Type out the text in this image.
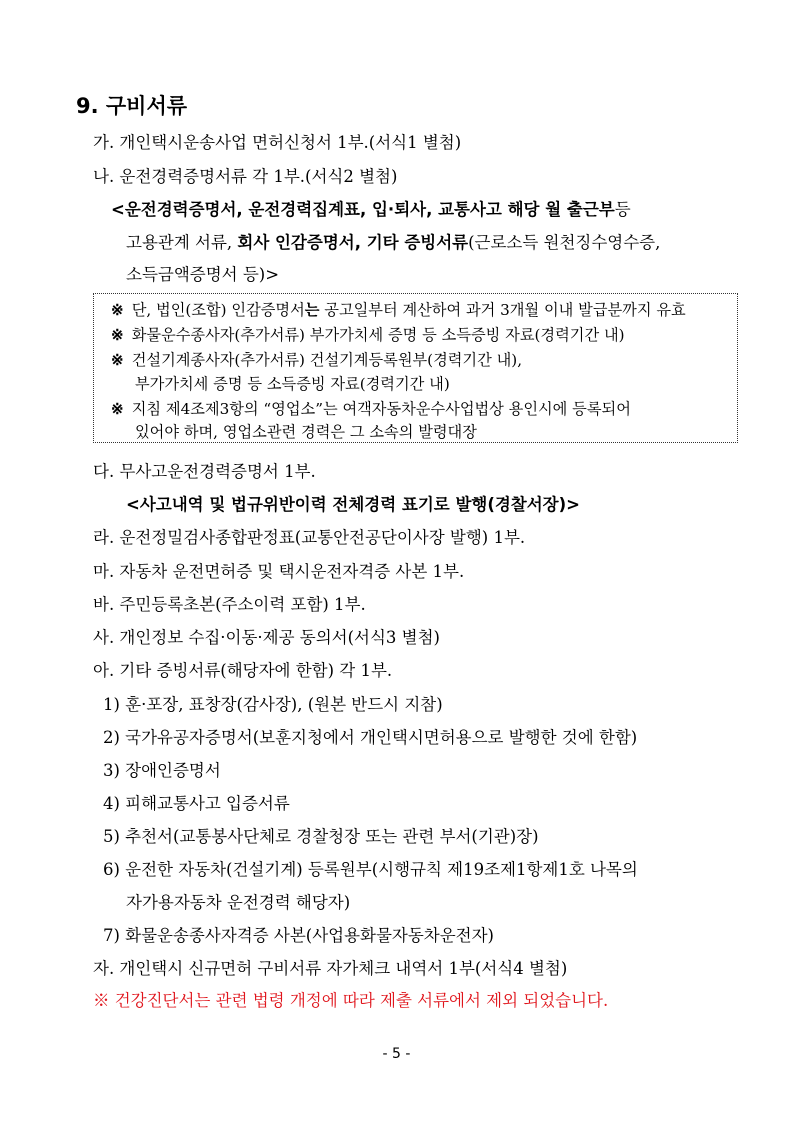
9. 구비서류
가. 개인택시운송사업 면허신청서 1부.(서식1 별첨)
나. 운전경력증명서류 각 1부.(서식2 별첨)
<운전경력증명서, 운전경력집계표, 입·퇴사, 교통사고 해당 월 출근부등
고용관계 서류, 회사 인감증명서, 기타 증빙서류(근로소득 원천징수영수증,
소득금액증명서 등)>
※ 단, 법인(조합) 인감증명서는 공고일부터 계산하여 과거 3개월 이내 발급분까지 유효
※ 화물운수종사자(추가서류) 부가가치세 증명 등 소득증빙 자료(경력기간 내)
※ 건설기계종사자(추가서류) 건설기계등록원부(경력기간 내),
부가가치세 증명 등 소득증빙 자료(경력기간 내)
※ 지침 제4조제3항의 “영업소”는 여객자동차운수사업법상 용인시에 등록되어
있어야 하며, 영업소관련 경력은 그 소속의 발령대장
다. 무사고운전경력증명서 1부.
<사고내역 및 법규위반이력 전체경력 표기로 발행(경찰서장)>
라. 운전정밀검사종합판정표(교통안전공단이사장 발행) 1부.
마. 자동차 운전면허증 및 택시운전자격증 사본 1부.
바. 주민등록초본(주소이력 포함) 1부.
사. 개인정보 수집·이동·제공 동의서(서식3 별첨)
아. 기타 증빙서류(해당자에 한함) 각 1부.
1) 훈·포장, 표창장(감사장), (원본 반드시 지참)
2) 국가유공자증명서(보훈지청에서 개인택시면허용으로 발행한 것에 한함)
3) 장애인증명서
4) 피해교통사고 입증서류
5) 추천서(교통봉사단체로 경찰청장 또는 관련 부서(기관)장)
6) 운전한 자동차(건설기계) 등록원부(시행규칙 제19조제1항제1호 나목의
자가용자동차 운전경력 해당자)
7) 화물운송종사자격증 사본(사업용화물자동차운전자)
자. 개인택시 신규면허 구비서류 자가체크 내역서 1부(서식4 별첨)
※ 건강진단서는 관련 법령 개정에 따라 제출 서류에서 제외 되었습니다.
- 5 -
